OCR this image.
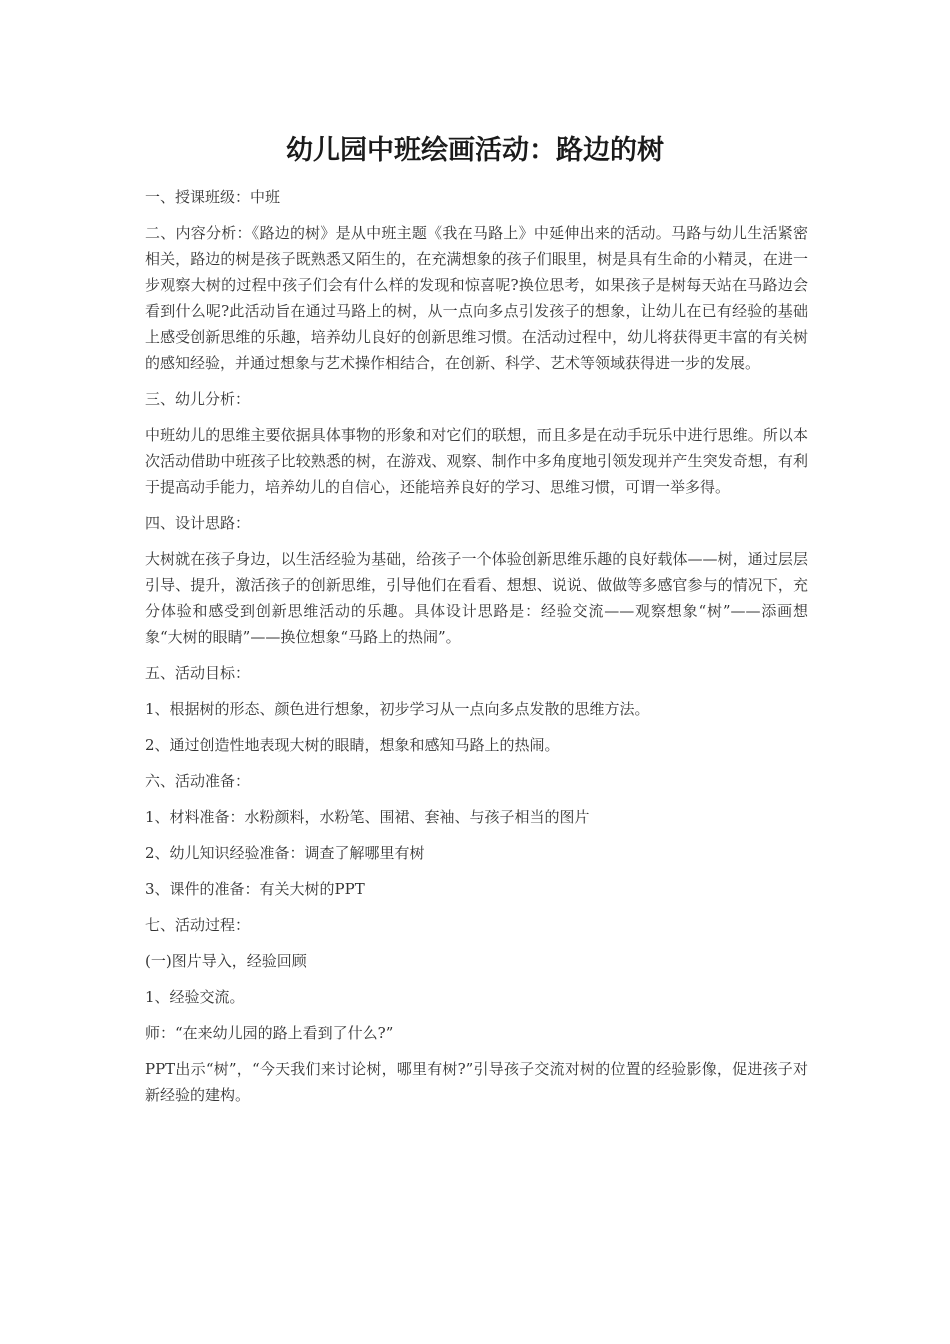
幼儿园中班绘画活动：路边的树

一、授课班级：中班

二、内容分析：《路边的树》是从中班主题《我在马路上》中延伸出来的活动。马路与幼儿生活紧密相关，路边的树是孩子既熟悉又陌生的，在充满想象的孩子们眼里，树是具有生命的小精灵，在进一步观察大树的过程中孩子们会有什么样的发现和惊喜呢?换位思考，如果孩子是树每天站在马路边会看到什么呢?此活动旨在通过马路上的树，从一点向多点引发孩子的想象，让幼儿在已有经验的基础上感受创新思维的乐趣，培养幼儿良好的创新思维习惯。在活动过程中，幼儿将获得更丰富的有关树的感知经验，并通过想象与艺术操作相结合，在创新、科学、艺术等领域获得进一步的发展。

三、幼儿分析：

中班幼儿的思维主要依据具体事物的形象和对它们的联想，而且多是在动手玩乐中进行思维。所以本次活动借助中班孩子比较熟悉的树，在游戏、观察、制作中多角度地引领发现并产生突发奇想，有利于提高动手能力，培养幼儿的自信心，还能培养良好的学习、思维习惯，可谓一举多得。

四、设计思路：

大树就在孩子身边，以生活经验为基础，给孩子一个体验创新思维乐趣的良好载体——树，通过层层引导、提升，激活孩子的创新思维，引导他们在看看、想想、说说、做做等多感官参与的情况下，充分体验和感受到创新思维活动的乐趣。具体设计思路是：经验交流——观察想象“树”——添画想象“大树的眼睛”——换位想象“马路上的热闹”。

五、活动目标：

1、根据树的形态、颜色进行想象，初步学习从一点向多点发散的思维方法。

2、通过创造性地表现大树的眼睛，想象和感知马路上的热闹。

六、活动准备：

1、材料准备：水粉颜料，水粉笔、围裙、套袖、与孩子相当的图片

2、幼儿知识经验准备：调查了解哪里有树

3、课件的准备：有关大树的PPT

七、活动过程：

(一)图片导入，经验回顾

1、经验交流。

师：“在来幼儿园的路上看到了什么?”

PPT出示“树”，“今天我们来讨论树，哪里有树?”引导孩子交流对树的位置的经验影像，促进孩子对新经验的建构。
